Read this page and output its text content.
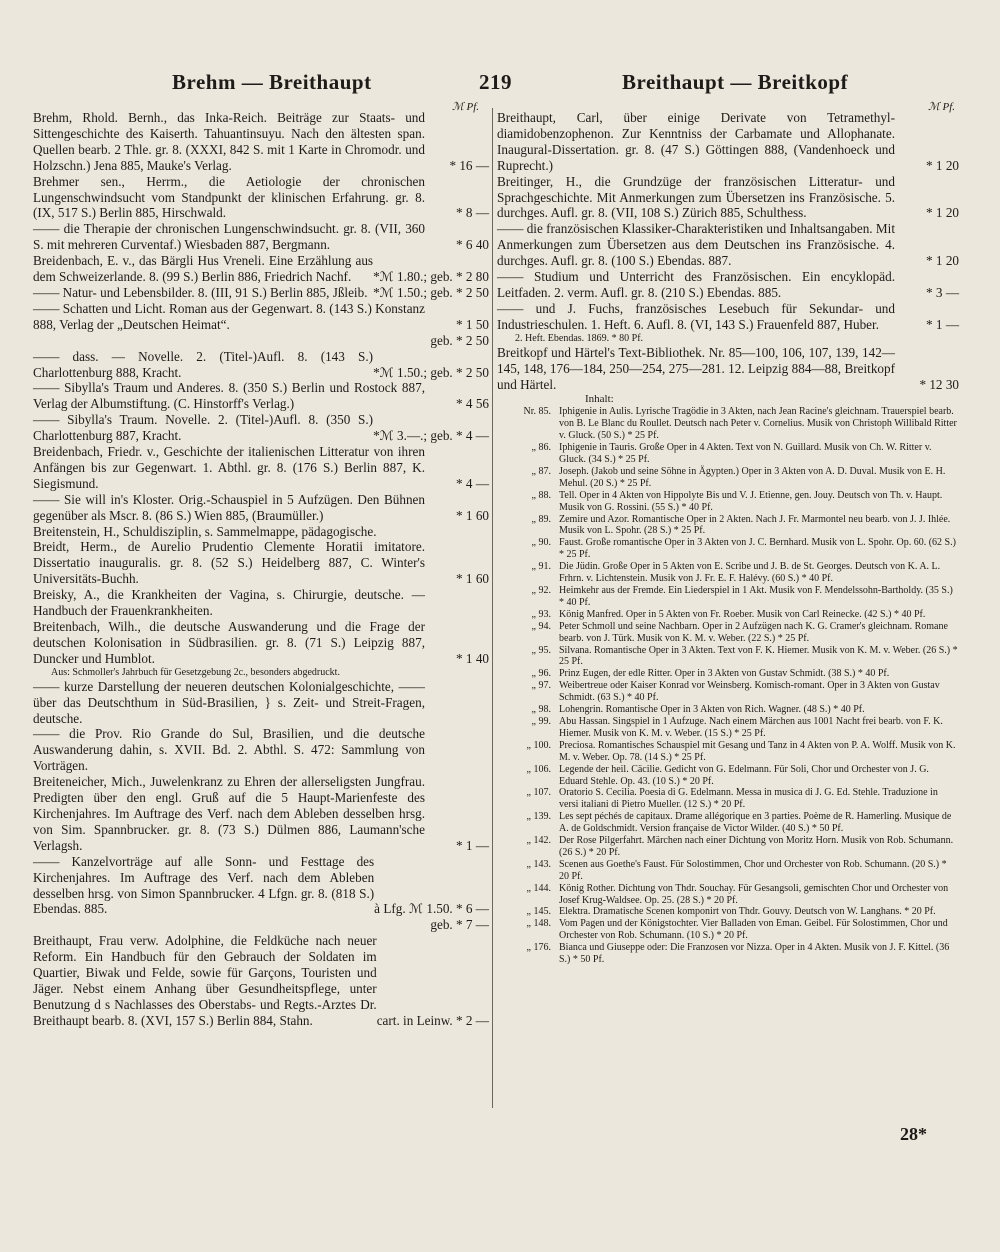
Brehm — Breithaupt	219	Breithaupt — Breitkopf
ℳ Pf.	ℳ Pf.
Brehm, Rhold. Bernh., das Inka-Reich. Beiträge zur Staats- und Sittengeschichte des Kaiserth. Tahuantinsuyu. Nach den ältesten span. Quellen bearb. 2 Thle. gr. 8. (XXXI, 842 S. mit 1 Karte in Chromodr. und Holzschn.) Jena 885, Mauke's Verlag.	* 16 —
Brehmer sen., Herrm., die Aetiologie der chronischen Lungenschwindsucht vom Standpunkt der klinischen Erfahrung. gr. 8. (IX, 517 S.) Berlin 885, Hirschwald.	* 8 —
—— die Therapie der chronischen Lungenschwindsucht. gr. 8. (VII, 360 S. mit mehreren Curventaf.) Wiesbaden 887, Bergmann.	* 6 40
Breidenbach, E. v., das Bärgli Hus Vreneli. Eine Erzählung aus dem Schweizerlande. 8. (99 S.) Berlin 886, Friedrich Nachf.	*ℳ 1.80.; geb. * 2 80
—— Natur- und Lebensbilder. 8. (III, 91 S.) Berlin 885, Jßleib. *ℳ 1.50.; geb. * 2 50
—— Schatten und Licht. Roman aus der Gegenwart. 8. (143 S.) Konstanz 888, Verlag der „Deutschen Heimat“.	* 1 50
geb. * 2 50
—— dass. — Novelle. 2. (Titel-)Aufl. 8. (143 S.) Charlottenburg 888, Kracht.	*ℳ 1.50.; geb. * 2 50
—— Sibylla's Traum und Anderes. 8. (350 S.) Berlin und Rostock 887, Verlag der Albumstiftung. (C. Hinstorff's Verlag.)	* 4 56
—— Sibylla's Traum. Novelle. 2. (Titel-)Aufl. 8. (350 S.) Charlottenburg 887, Kracht.	*ℳ 3.—.; geb. * 4 —
Breidenbach, Friedr. v., Geschichte der italienischen Litteratur von ihren Anfängen bis zur Gegenwart. 1. Abthl. gr. 8. (176 S.) Berlin 887, K. Siegismund.	* 4 —
—— Sie will in's Kloster. Orig.-Schauspiel in 5 Aufzügen. Den Bühnen gegenüber als Mscr. 8. (86 S.) Wien 885, (Braumüller.)	* 1 60
Breitenstein, H., Schuldisziplin, s. Sammelmappe, pädagogische.
Breidt, Herm., de Aurelio Prudentio Clemente Horatii imitatore. Dissertatio inauguralis. gr. 8. (52 S.) Heidelberg 887, C. Winter's Universitäts-Buchh.	* 1 60
Breisky, A., die Krankheiten der Vagina, s. Chirurgie, deutsche. — Handbuch der Frauenkrankheiten.
Breitenbach, Wilh., die deutsche Auswanderung und die Frage der deutschen Kolonisation in Südbrasilien. gr. 8. (71 S.) Leipzig 887, Duncker und Humblot.	* 1 40
Aus: Schmoller's Jahrbuch für Gesetzgebung 2c., besonders abgedruckt.
—— kurze Darstellung der neueren deutschen Kolonialgeschichte, —— über das Deutschthum in Süd-Brasilien, } s. Zeit- und Streit-Fragen, deutsche.
—— die Prov. Rio Grande do Sul, Brasilien, und die deutsche Auswanderung dahin, s. XVII. Bd. 2. Abthl. S. 472: Sammlung von Vorträgen.
Breiteneicher, Mich., Juwelenkranz zu Ehren der allerseligsten Jungfrau. Predigten über den engl. Gruß auf die 5 Haupt-Marienfeste des Kirchenjahres. Im Auftrage des Verf. nach dem Ableben desselben hrsg. von Sim. Spannbrucker. gr. 8. (73 S.) Dülmen 886, Laumann'sche Verlagsh.	* 1 —
—— Kanzelvorträge auf alle Sonn- und Festtage des Kirchenjahres. Im Auftrage des Verf. nach dem Ableben desselben hrsg. von Simon Spannbrucker. 4 Lfgn. gr. 8. (818 S.) Ebendas. 885.	à Lfg. ℳ 1.50. * 6 —
geb. * 7 —
Breithaupt, Frau verw. Adolphine, die Feldküche nach neuer Reform. Ein Handbuch für den Gebrauch der Soldaten im Quartier, Biwak und Felde, sowie für Garçons, Touristen und Jäger. Nebst einem Anhang über Gesundheitspflege, unter Benutzung d s Nachlasses des Oberstabs- und Regts.-Arztes Dr. Breithaupt bearb. 8. (XVI, 157 S.) Berlin 884, Stahn.	cart. in Leinw. * 2 —
Breithaupt, Carl, über einige Derivate von Tetramethyl-diamidobenzophenon. Zur Kenntniss der Carbamate und Allophanate. Inaugural-Dissertation. gr. 8. (47 S.) Göttingen 888, (Vandenhoeck und Ruprecht.)	* 1 20
Breitinger, H., die Grundzüge der französischen Litteratur- und Sprachgeschichte. Mit Anmerkungen zum Übersetzen ins Französische. 5. durchges. Aufl. gr. 8. (VII, 108 S.) Zürich 885, Schulthess.	* 1 20
—— die französischen Klassiker-Charakteristiken und Inhaltsangaben. Mit Anmerkungen zum Übersetzen aus dem Deutschen ins Französische. 4. durchges. Aufl. gr. 8. (100 S.) Ebendas. 887.	* 1 20
—— Studium und Unterricht des Französischen. Ein encyklopäd. Leitfaden. 2. verm. Aufl. gr. 8. (210 S.) Ebendas. 885.	* 3 —
—— und J. Fuchs, französisches Lesebuch für Sekundar- und Industrieschulen. 1. Heft. 6. Aufl. 8. (VI, 143 S.) Frauenfeld 887, Huber.	* 1 —
2. Heft. Ebendas. 1869. * 80 Pf.
Breitkopf und Härtel's Text-Bibliothek. Nr. 85—100, 106, 107, 139, 142—145, 148, 176—184, 250—254, 275—281. 12. Leipzig 884—88, Breitkopf und Härtel.	* 12 30
Inhalt:
Nr. 85. Iphigenie in Aulis. Lyrische Tragödie in 3 Akten, nach Jean Racine's gleichnam. Trauerspiel bearb. von B. Le Blanc du Roullet. Deutsch nach Peter v. Cornelius. Musik von Christoph Willibald Ritter v. Gluck. (50 S.) * 25 Pf.
„ 86. Iphigenie in Tauris. Große Oper in 4 Akten. Text von N. Guillard. Musik von Ch. W. Ritter v. Gluck. (34 S.) * 25 Pf.
„ 87. Joseph. (Jakob und seine Söhne in Ägypten.) Oper in 3 Akten von A. D. Duval. Musik von E. H. Mehul. (20 S.) * 25 Pf.
„ 88. Tell. Oper in 4 Akten von Hippolyte Bis und V. J. Etienne, gen. Jouy. Deutsch von Th. v. Haupt. Musik von G. Rossini. (55 S.) * 40 Pf.
„ 89. Zemire und Azor. Romantische Oper in 2 Akten. Nach J. Fr. Marmontel neu bearb. von J. J. Ihlée. Musik von L. Spohr. (28 S.) * 25 Pf.
„ 90. Faust. Große romantische Oper in 3 Akten von J. C. Bernhard. Musik von L. Spohr. Op. 60. (62 S.) * 25 Pf.
„ 91. Die Jüdin. Große Oper in 5 Akten von E. Scribe und J. B. de St. Georges. Deutsch von K. A. L. Frhrn. v. Lichtenstein. Musik von J. Fr. E. F. Halévy. (60 S.) * 40 Pf.
„ 92. Heimkehr aus der Fremde. Ein Liederspiel in 1 Akt. Musik von F. Mendelssohn-Bartholdy. (35 S.) * 40 Pf.
„ 93. König Manfred. Oper in 5 Akten von Fr. Roeber. Musik von Carl Reinecke. (42 S.) * 40 Pf.
„ 94. Peter Schmoll und seine Nachbarn. Oper in 2 Aufzügen nach K. G. Cramer's gleichnam. Romane bearb. von J. Türk. Musik von K. M. v. Weber. (22 S.) * 25 Pf.
„ 95. Silvana. Romantische Oper in 3 Akten. Text von F. K. Hiemer. Musik von K. M. v. Weber. (26 S.) * 25 Pf.
„ 96. Prinz Eugen, der edle Ritter. Oper in 3 Akten von Gustav Schmidt. (38 S.) * 40 Pf.
„ 97. Weibertreue oder Kaiser Konrad vor Weinsberg. Komisch-romant. Oper in 3 Akten von Gustav Schmidt. (63 S.) * 40 Pf.
„ 98. Lohengrin. Romantische Oper in 3 Akten von Rich. Wagner. (48 S.) * 40 Pf.
„ 99. Abu Hassan. Singspiel in 1 Aufzuge. Nach einem Märchen aus 1001 Nacht frei bearb. von F. K. Hiemer. Musik von K. M. v. Weber. (15 S.) * 25 Pf.
„ 100. Preciosa. Romantisches Schauspiel mit Gesang und Tanz in 4 Akten von P. A. Wolff. Musik von K. M. v. Weber. Op. 78. (14 S.) * 25 Pf.
„ 106. Legende der heil. Cäcilie. Gedicht von G. Edelmann. Für Soli, Chor und Orchester von J. G. Eduard Stehle. Op. 43. (10 S.) * 20 Pf.
„ 107. Oratorio S. Cecilia. Poesia di G. Edelmann. Messa in musica di J. G. Ed. Stehle. Traduzione in versi italiani di Pietro Mueller. (12 S.) * 20 Pf.
„ 139. Les sept péchés de capitaux. Drame allégorique en 3 parties. Poème de R. Hamerling. Musique de A. de Goldschmidt. Version française de Victor Wilder. (40 S.) * 50 Pf.
„ 142. Der Rose Pilgerfahrt. Märchen nach einer Dichtung von Moritz Horn. Musik von Rob. Schumann. (26 S.) * 20 Pf.
„ 143. Scenen aus Goethe's Faust. Für Solostimmen, Chor und Orchester von Rob. Schumann. (20 S.) * 20 Pf.
„ 144. König Rother. Dichtung von Thdr. Souchay. Für Gesangsoli, gemischten Chor und Orchester von Josef Krug-Waldsee. Op. 25. (28 S.) * 20 Pf.
„ 145. Elektra. Dramatische Scenen komponirt von Thdr. Gouvy. Deutsch von W. Langhans. * 20 Pf.
„ 148. Vom Pagen und der Königstochter. Vier Balladen von Eman. Geibel. Für Solostimmen, Chor und Orchester von Rob. Schumann. (10 S.) * 20 Pf.
„ 176. Bianca und Giuseppe oder: Die Franzosen vor Nizza. Oper in 4 Akten. Musik von J. F. Kittel. (36 S.) * 50 Pf.
28*
